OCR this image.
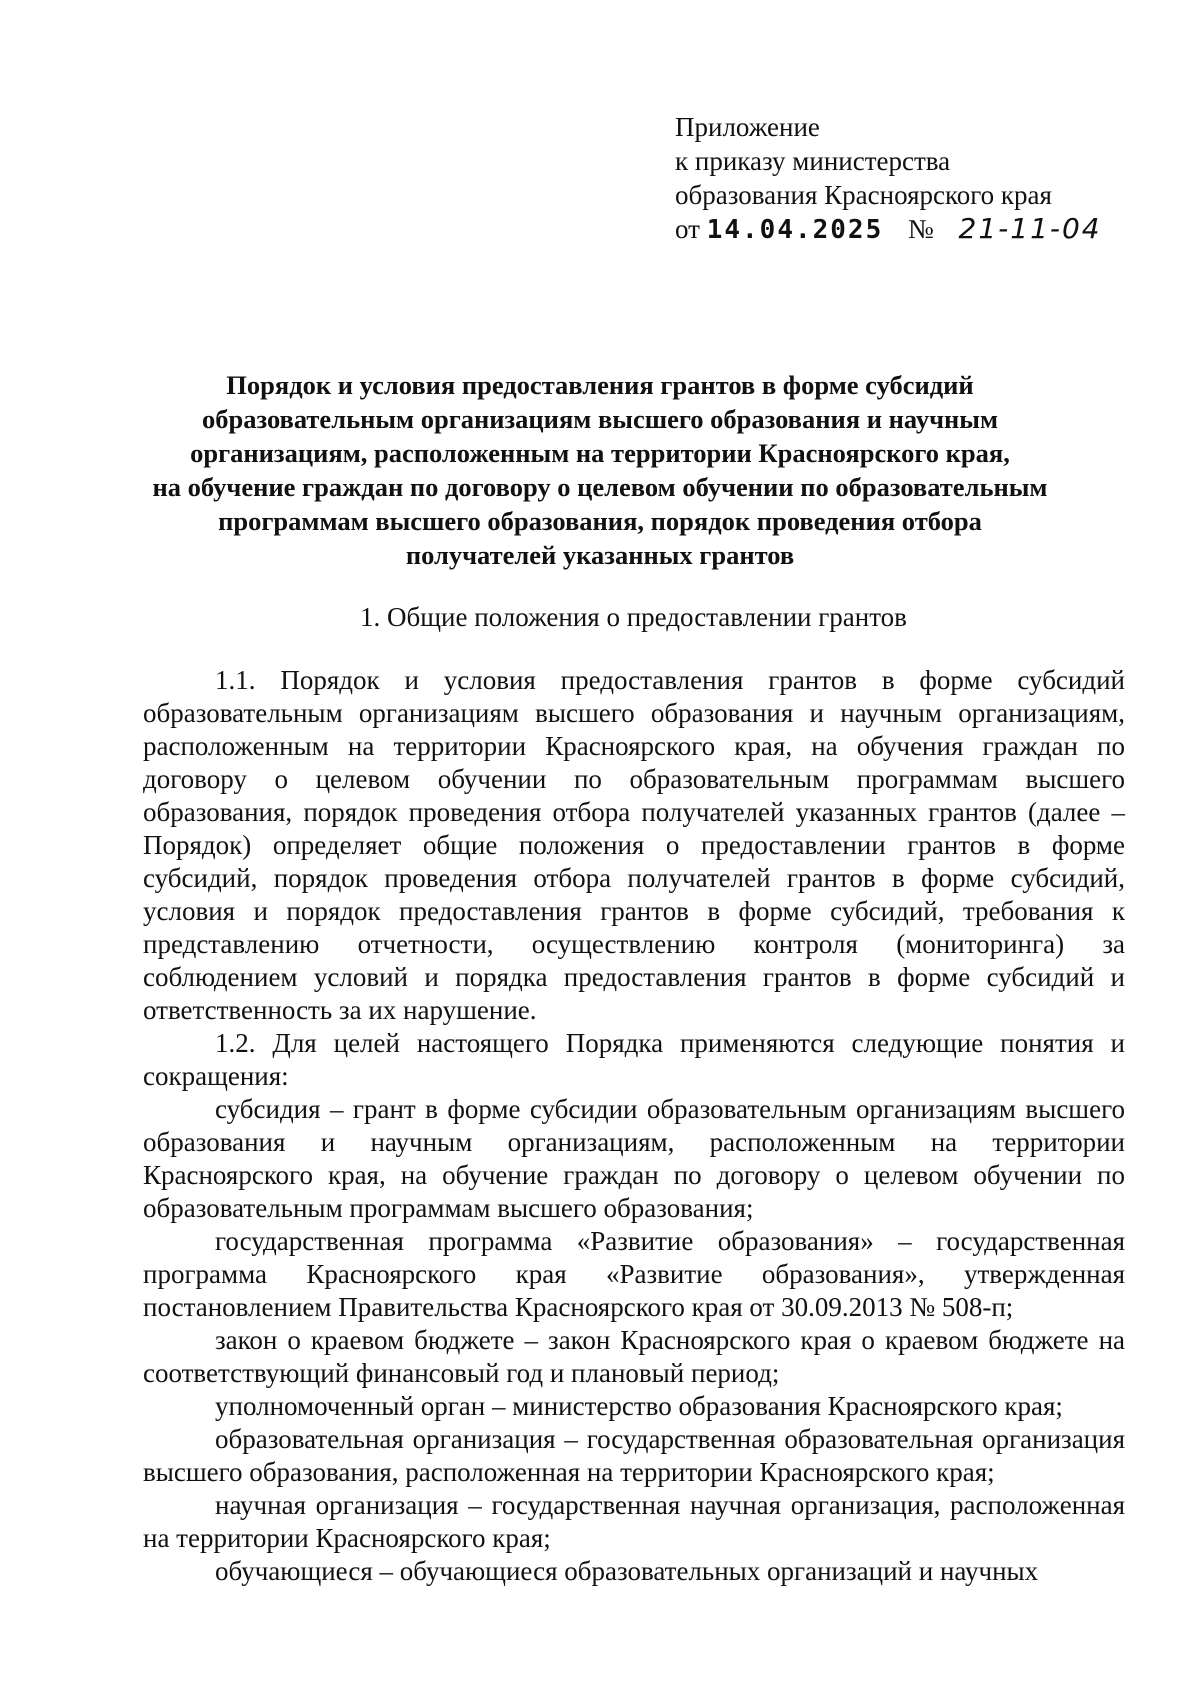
Приложение
к приказу министерства
образования Красноярского края
от 14.04.2025 № 21-11-04
Порядок и условия предоставления грантов в форме субсидий
образовательным организациям высшего образования и научным
организациям, расположенным на территории Красноярского края,
на обучение граждан по договору о целевом обучении по образовательным
программам высшего образования, порядок проведения отбора
получателей указанных грантов
1. Общие положения о предоставлении грантов

1.1. Порядок и условия предоставления грантов в форме субсидий образовательным организациям высшего образования и научным организациям, расположенным на территории Красноярского края, на обучения граждан по договору о целевом обучении по образовательным программам высшего образования, порядок проведения отбора получателей указанных грантов (далее – Порядок) определяет общие положения о предоставлении грантов в форме субсидий, порядок проведения отбора получателей грантов в форме субсидий, условия и порядок предоставления грантов в форме субсидий, требования к представлению отчетности, осуществлению контроля (мониторинга) за соблюдением условий и порядка предоставления грантов в форме субсидий и ответственность за их нарушение.

1.2. Для целей настоящего Порядка применяются следующие понятия и сокращения:

субсидия – грант в форме субсидии образовательным организациям высшего образования и научным организациям, расположенным на территории Красноярского края, на обучение граждан по договору о целевом обучении по образовательным программам высшего образования;

государственная программа «Развитие образования» – государственная программа Красноярского края «Развитие образования», утвержденная постановлением Правительства Красноярского края от 30.09.2013 № 508-п;

закон о краевом бюджете – закон Красноярского края о краевом бюджете на соответствующий финансовый год и плановый период;

уполномоченный орган – министерство образования Красноярского края;

образовательная организация – государственная образовательная организация высшего образования, расположенная на территории Красноярского края;

научная организация – государственная научная организация, расположенная на территории Красноярского края;

обучающиеся – обучающиеся образовательных организаций и научных
